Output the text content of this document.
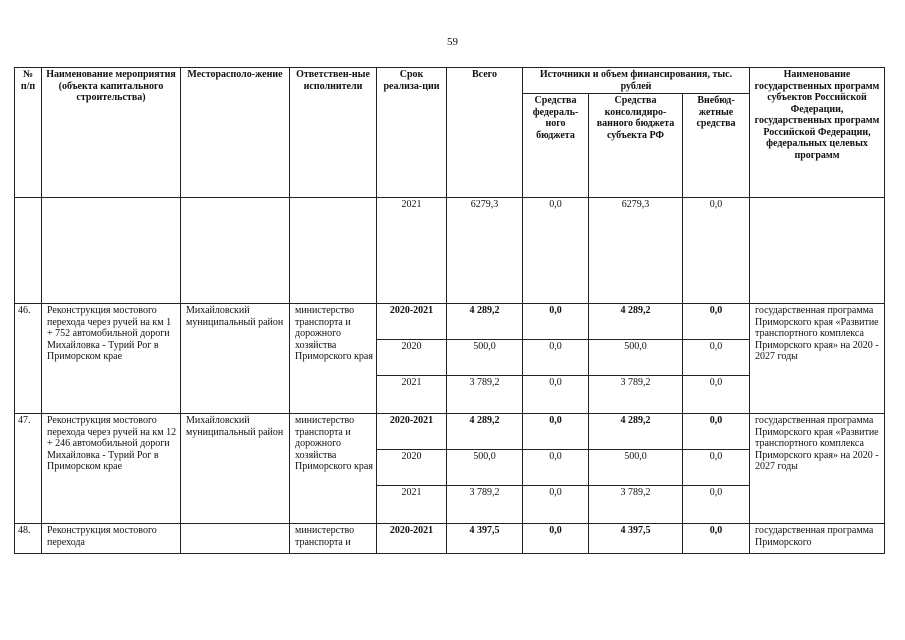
59
№ п/п	Наименование мероприятия (объекта капитального строительства)	Месторасполо-жение	Ответствен-ные исполнители	Срок реализа-ции	Всего	Источники и объем финансирования, тыс. рублей			Наименование государственных программ субъектов Российской Федерации, государственных программ Российской Федерации, федеральных целевых программ
						Средства федераль-ного бюджета	Средства консолидиро-ванного бюджета субъекта РФ	Внебюд-жетные средства	
				2021	6279,3	0,0	6279,3	0,0	
46.	Реконструкция мостового перехода через ручей на км 1 + 752 автомобильной дороги Михайловка - Турий Рог в Приморском крае	Михайловский муниципальный район	министерство транспорта и дорожного хозяйства Приморского края	2020-2021	4 289,2	0,0	4 289,2	0,0	государственная программа Приморского края «Развитие транспортного комплекса Приморского края» на 2020 - 2027 годы
				2020	500,0	0,0	500,0	0,0	
				2021	3 789,2	0,0	3 789,2	0,0	
47.	Реконструкция мостового перехода через ручей на км 12 + 246 автомобильной дороги Михайловка - Турий Рог в Приморском крае	Михайловский муниципальный район	министерство транспорта и дорожного хозяйства Приморского края	2020-2021	4 289,2	0,0	4 289,2	0,0	государственная программа Приморского края «Развитие транспортного комплекса Приморского края» на 2020 - 2027 годы
				2020	500,0	0,0	500,0	0,0	
				2021	3 789,2	0,0	3 789,2	0,0	
48.	Реконструкция мостового перехода		министерство транспорта и	2020-2021	4 397,5	0,0	4 397,5	0,0	государственная программа Приморского
